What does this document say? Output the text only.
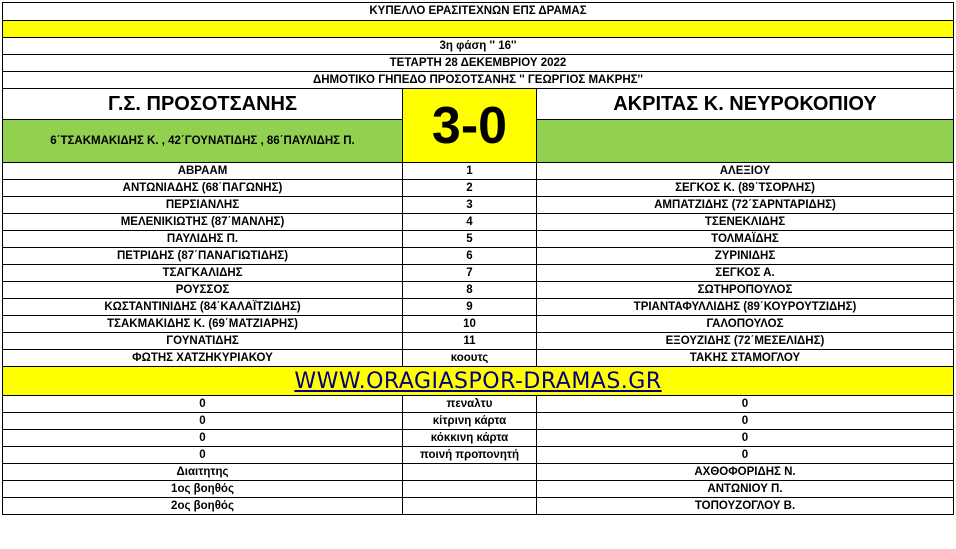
ΚΥΠΕΛΛΟ ΕΡΑΣΙΤΕΧΝΩΝ ΕΠΣ ΔΡΑΜΑΣ		

3η φάση '' 16''		
ΤΕΤΑΡΤΗ 28 ΔΕΚΕΜΒΡΙΟΥ 2022		
ΔΗΜΟΤΙΚΟ ΓΗΠΕΔΟ ΠΡΟΣΟΤΣΑΝΗΣ '' ΓΕΩΡΓΙΟΣ ΜΑΚΡΗΣ''		
Γ.Σ. ΠΡΟΣΟΤΣΑΝΗΣ	3-0	ΑΚΡΙΤΑΣ Κ. ΝΕΥΡΟΚΟΠΙΟΥ
6΄ΤΣΑΚΜΑΚΙΔΗΣ Κ. , 42΄ΓΟΥΝΑΤΙΔΗΣ , 86΄ΠΑΥΛΙΔΗΣ Π.		
ΑΒΡΑΑΜ	1	ΑΛΕΞΙΟΥ
ΑΝΤΩΝΙΑΔΗΣ (68΄ΠΑΓΩΝΗΣ)	2	ΣΕΓΚΟΣ Κ. (89΄ΤΣΟΡΛΗΣ)
ΠΕΡΣΙΑΝΛΗΣ	3	ΑΜΠΑΤΖΙΔΗΣ (72΄ΣΑΡΝΤΑΡΙΔΗΣ)
ΜΕΛΕΝΙΚΙΩΤΗΣ (87΄ΜΑΝΛΗΣ)	4	ΤΣΕΝΕΚΛΙΔΗΣ
ΠΑΥΛΙΔΗΣ Π.	5	ΤΟΛΜΑΪΔΗΣ
ΠΕΤΡΙΔΗΣ (87΄ΠΑΝΑΓΙΩΤΙΔΗΣ)	6	ΖΥΡΙΝΙΔΗΣ
ΤΣΑΓΚΑΛΙΔΗΣ	7	ΣΕΓΚΟΣ Α.
ΡΟΥΣΣΟΣ	8	ΣΩΤΗΡΟΠΟΥΛΟΣ
ΚΩΣΤΑΝΤΙΝΙΔΗΣ (84΄ΚΑΛΑΪΤΖΙΔΗΣ)	9	ΤΡΙΑΝΤΑΦΥΛΛΙΔΗΣ (89΄ΚΟΥΡΟΥΤΖΙΔΗΣ)
ΤΣΑΚΜΑΚΙΔΗΣ Κ. (69΄ΜΑΤΖΙΑΡΗΣ)	10	ΓΑΛΟΠΟΥΛΟΣ
ΓΟΥΝΑΤΙΔΗΣ	11	ΕΞΟΥΖΙΔΗΣ (72΄ΜΕΣΕΛΙΔΗΣ)
ΦΩΤΗΣ ΧΑΤΖΗΚΥΡΙΑΚΟΥ	κοουτς	ΤΑΚΗΣ ΣΤΑΜΟΓΛΟΥ
WWW.ORAGIASPOR-DRAMAS.GR		
0	πεναλτυ	0
0	κίτρινη κάρτα	0
0	κόκκινη κάρτα	0
0	ποινή προπονητή	0
Διαιτητης		ΑΧΘΟΦΟΡΙΔΗΣ Ν.
1ος βοηθός		ΑΝΤΩΝΙΟΥ Π.
2ος βοηθός		ΤΟΠΟΥΖΟΓΛΟΥ Β.
